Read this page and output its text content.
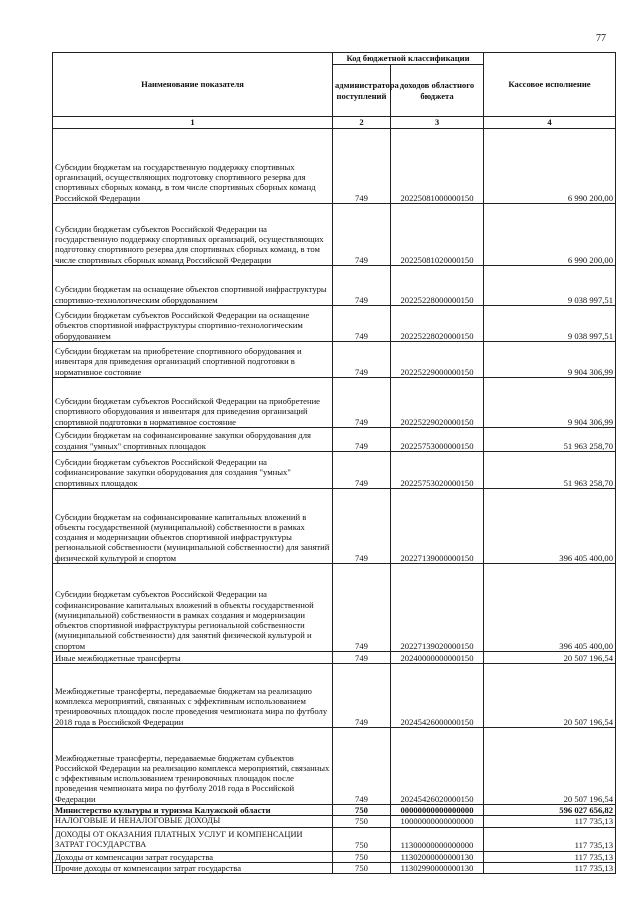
77
Наименование показателя	Код бюджетной классификации		Кассовое исполнение
	администратора поступлений	доходов областного бюджета	
1	2	3	4
Субсидии бюджетам на государственную поддержку спортивных организаций, осуществляющих подготовку спортивного резерва для спортивных сборных команд, в том числе спортивных сборных команд Российской Федерации	749	20225081000000150	6 990 200,00
Субсидии бюджетам субъектов Российской Федерации на государственную поддержку спортивных организаций, осуществляющих подготовку спортивного резерва для спортивных сборных команд, в том числе спортивных сборных команд Российской Федерации	749	20225081020000150	6 990 200,00
Субсидии бюджетам на оснащение объектов спортивной инфраструктуры спортивно-технологическим оборудованием	749	20225228000000150	9 038 997,51
Субсидии бюджетам субъектов Российской Федерации на оснащение объектов спортивной инфраструктуры спортивно-технологическим оборудованием	749	20225228020000150	9 038 997,51
Субсидии бюджетам на приобретение спортивного оборудования и инвентаря для приведения организаций спортивной подготовки в нормативное состояние	749	20225229000000150	9 904 306,99
Субсидии бюджетам субъектов Российской Федерации на приобретение спортивного оборудования и инвентаря для приведения организаций спортивной подготовки в нормативное состояние	749	20225229020000150	9 904 306,99
Субсидии бюджетам на софинансирование закупки оборудования для создания "умных" спортивных площадок	749	20225753000000150	51 963 258,70
Субсидии бюджетам субъектов Российской Федерации на софинансирование закупки оборудования для создания "умных" спортивных площадок	749	20225753020000150	51 963 258,70
Субсидии бюджетам на софинансирование капитальных вложений в объекты государственной (муниципальной) собственности в рамках создания и модернизации объектов спортивной инфраструктуры региональной собственности (муниципальной собственности) для занятий физической культурой и спортом	749	20227139000000150	396 405 400,00
Субсидии бюджетам субъектов Российской Федерации на софинансирование капитальных вложений в объекты государственной (муниципальной) собственности в рамках создания и модернизации объектов спортивной инфраструктуры региональной собственности (муниципальной собственности) для занятий физической культурой и спортом	749	20227139020000150	396 405 400,00
Иные межбюджетные трансферты	749	20240000000000150	20 507 196,54
Межбюджетные трансферты, передаваемые бюджетам на реализацию комплекса мероприятий, связанных с эффективным использованием тренировочных площадок после проведения чемпионата мира по футболу 2018 года в Российской Федерации	749	20245426000000150	20 507 196,54
Межбюджетные трансферты, передаваемые бюджетам субъектов Российской Федерации на реализацию комплекса мероприятий, связанных с эффективным использованием тренировочных площадок после проведения чемпионата мира по футболу 2018 года в Российской Федерации	749	20245426020000150	20 507 196,54
Министерство культуры и туризма Калужской области	750	00000000000000000	596 027 656,82
НАЛОГОВЫЕ И НЕНАЛОГОВЫЕ ДОХОДЫ	750	10000000000000000	117 735,13
ДОХОДЫ ОТ ОКАЗАНИЯ ПЛАТНЫХ УСЛУГ И КОМПЕНСАЦИИ ЗАТРАТ ГОСУДАРСТВА	750	11300000000000000	117 735,13
Доходы от компенсации затрат государства	750	11302000000000130	117 735,13
Прочие доходы от компенсации затрат государства	750	11302990000000130	117 735,13
